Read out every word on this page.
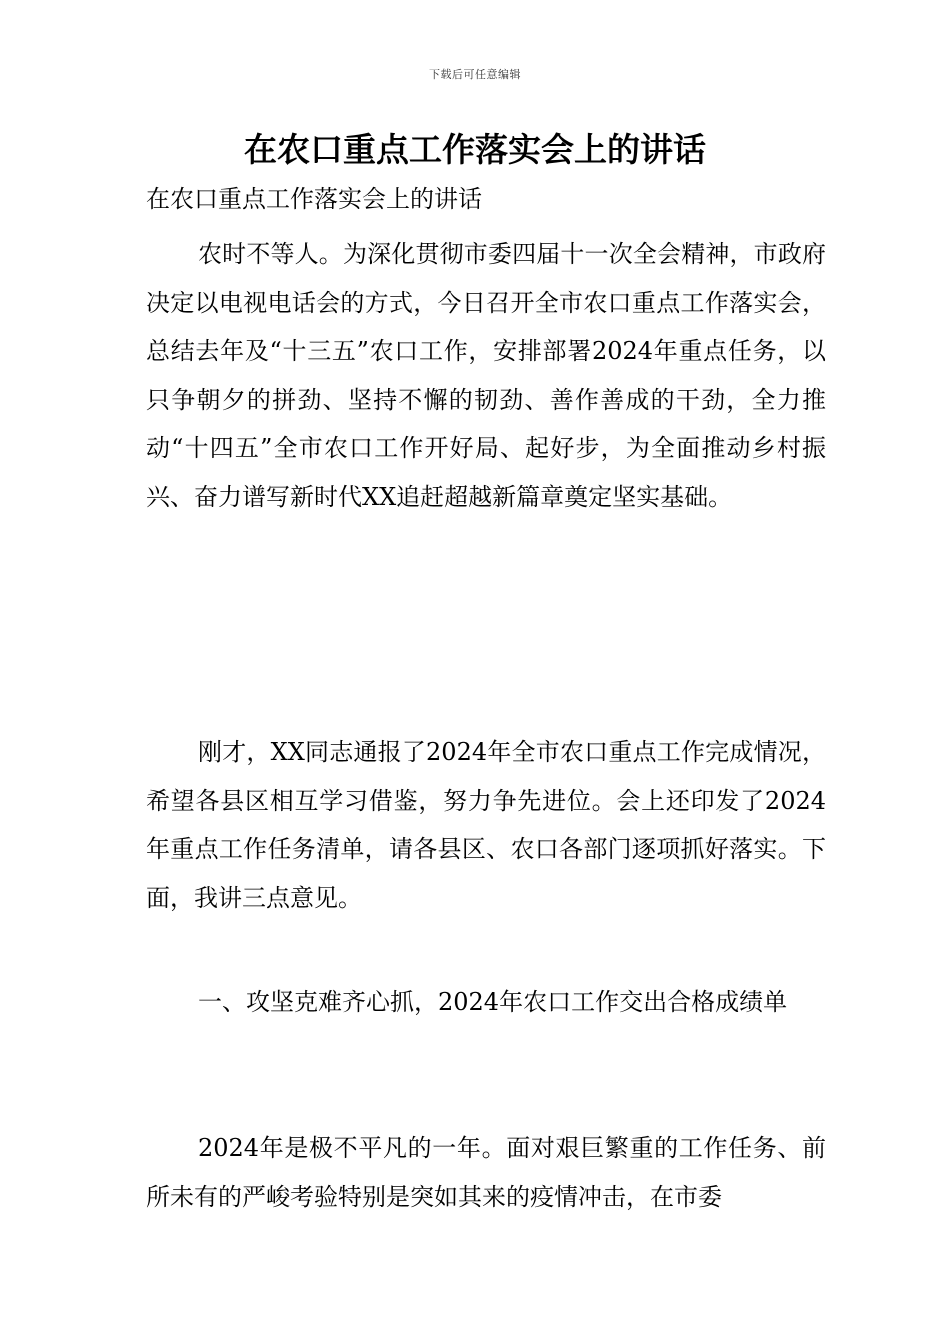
下载后可任意编辑
在农口重点工作落实会上的讲话
在农口重点工作落实会上的讲话

农时不等人。为深化贯彻市委四届十一次全会精神，市政府决定以电视电话会的方式，今日召开全市农口重点工作落实会，总结去年及“十三五”农口工作，安排部署2024年重点任务，以只争朝夕的拼劲、坚持不懈的韧劲、善作善成的干劲，全力推动“十四五”全市农口工作开好局、起好步，为全面推动乡村振兴、奋力谱写新时代XX追赶超越新篇章奠定坚实基础。

刚才，XX同志通报了2024年全市农口重点工作完成情况，希望各县区相互学习借鉴，努力争先进位。会上还印发了2024年重点工作任务清单，请各县区、农口各部门逐项抓好落实。下面，我讲三点意见。

一、攻坚克难齐心抓，2024年农口工作交出合格成绩单

2024年是极不平凡的一年。面对艰巨繁重的工作任务、前所未有的严峻考验特别是突如其来的疫情冲击，在市委
